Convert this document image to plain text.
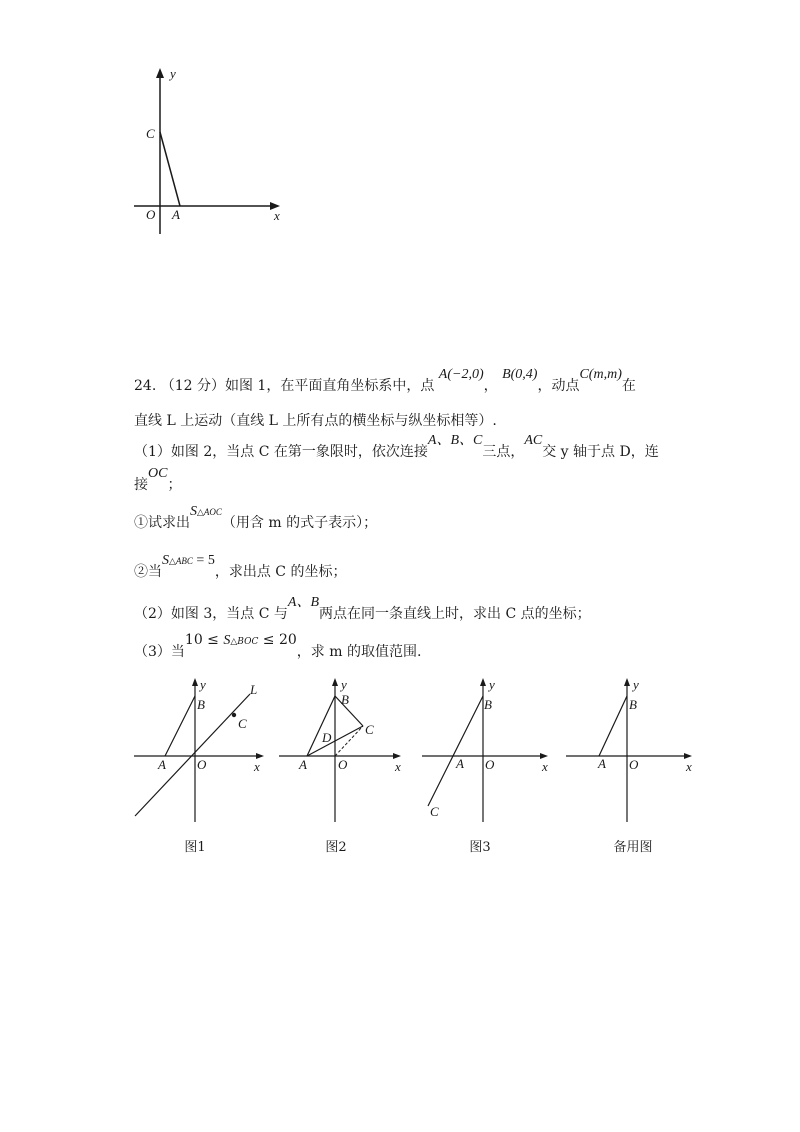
y
x
C
O A
24. （12 分）如图 1，在平面直角坐标系中，点 A(−2,0)， B(0,4)，动点C(m,m)在
直线 L 上运动（直线 L 上所有点的横坐标与纵坐标相等）.
（1）如图 2，当点 C 在第一象限时，依次连接A、B、C三点，AC交 y 轴于点 D，连
接OC；
①试求出S△AOC（用含 m 的式子表示）；
②当S△ABC = 5，求出点 C 的坐标；
（2）如图 3，当点 C 与A、B两点在同一条直线上时，求出 C 点的坐标；
（3）当10 ≤ S△BOC ≤ 20，求 m 的取值范围.
y
x
B
A O
C
L
图1
y
x
B
A O
C
D
图2
y
x
B
A O
C
图3
y
x
B
A O
备用图
